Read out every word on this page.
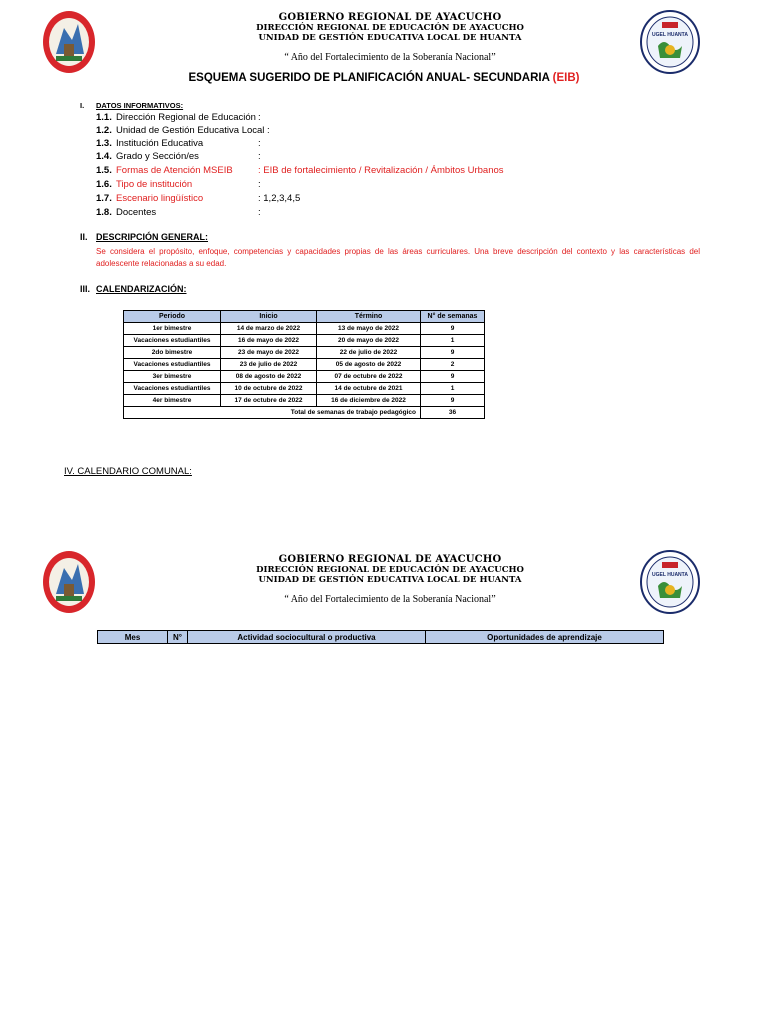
GOBIERNO REGIONAL DE AYACUCHO
DIRECCIÓN REGIONAL DE EDUCACIÓN DE AYACUCHO
UNIDAD DE GESTIÓN EDUCATIVA LOCAL DE HUANTA
“ Año del Fortalecimiento de la Soberanía Nacional”
UGEL HUANTA
ESQUEMA SUGERIDO DE PLANIFICACIÓN ANUAL- SECUNDARIA (EIB)
I. DATOS INFORMATIVOS:
1.1. Dirección Regional de Educación :
1.2. Unidad de Gestión Educativa Local :
1.3. Institución Educativa	:
1.4. Grado y Sección/es	:
1.5. Formas de Atención MSEIB	: EIB de fortalecimiento / Revitalización / Ámbitos Urbanos
1.6. Tipo de institución	:
1.7. Escenario lingüístico	: 1,2,3,4,5
1.8. Docentes	:
II. DESCRIPCIÓN GENERAL:
Se considera el propósito, enfoque, competencias y capacidades propias de las áreas curriculares. Una breve descripción del contexto y las características del adolescente relacionadas a su edad.
III. CALENDARIZACIÓN:
Periodo	Inicio	Término	N° de semanas
1er bimestre	14 de marzo de 2022	13 de mayo de 2022	9
Vacaciones estudiantiles	16 de mayo de 2022	20 de mayo de 2022	1
2do bimestre	23 de mayo de 2022	22 de julio de 2022	9
Vacaciones estudiantiles	23 de julio de 2022	05 de agosto de 2022	2
3er bimestre	08 de agosto de 2022	07 de octubre de 2022	9
Vacaciones estudiantiles	10 de octubre de 2022	14 de octubre de 2021	1
4er bimestre	17 de octubre de 2022	16 de diciembre de 2022	9
Total de semanas de trabajo pedagógico			36
IV. CALENDARIO COMUNAL:
GOBIERNO REGIONAL DE AYACUCHO
DIRECCIÓN REGIONAL DE EDUCACIÓN DE AYACUCHO
UNIDAD DE GESTIÓN EDUCATIVA LOCAL DE HUANTA
“ Año del Fortalecimiento de la Soberanía Nacional”
UGEL HUANTA
Mes	N°	Actividad sociocultural o productiva	Oportunidades de aprendizaje
